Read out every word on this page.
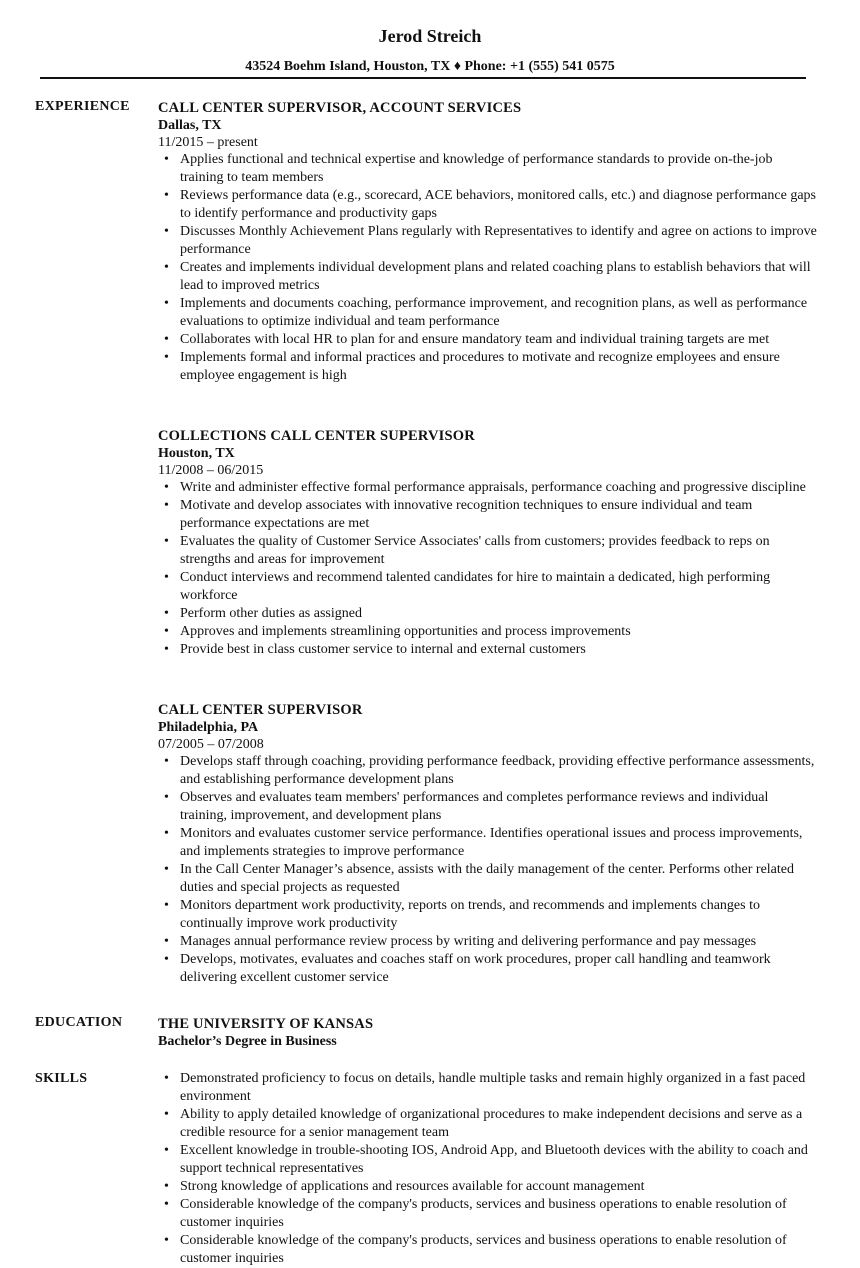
Jerod Streich
43524 Boehm Island, Houston, TX ♦ Phone: +1 (555) 541 0575
EXPERIENCE	CALL CENTER SUPERVISOR, ACCOUNT SERVICES
Dallas, TX
11/2015 – present
• Applies functional and technical expertise and knowledge of performance standards to provide on-the-job training to team members
• Reviews performance data (e.g., scorecard, ACE behaviors, monitored calls, etc.) and diagnose performance gaps to identify performance and productivity gaps
• Discusses Monthly Achievement Plans regularly with Representatives to identify and agree on actions to improve performance
• Creates and implements individual development plans and related coaching plans to establish behaviors that will lead to improved metrics
• Implements and documents coaching, performance improvement, and recognition plans, as well as performance evaluations to optimize individual and team performance
• Collaborates with local HR to plan for and ensure mandatory team and individual training targets are met
• Implements formal and informal practices and procedures to motivate and recognize employees and ensure employee engagement is high
COLLECTIONS CALL CENTER SUPERVISOR
Houston, TX
11/2008 – 06/2015
• Write and administer effective formal performance appraisals, performance coaching and progressive discipline
• Motivate and develop associates with innovative recognition techniques to ensure individual and team performance expectations are met
• Evaluates the quality of Customer Service Associates' calls from customers; provides feedback to reps on strengths and areas for improvement
• Conduct interviews and recommend talented candidates for hire to maintain a dedicated, high performing workforce
• Perform other duties as assigned
• Approves and implements streamlining opportunities and process improvements
• Provide best in class customer service to internal and external customers
CALL CENTER SUPERVISOR
Philadelphia, PA
07/2005 – 07/2008
• Develops staff through coaching, providing performance feedback, providing effective performance assessments, and establishing performance development plans
• Observes and evaluates team members' performances and completes performance reviews and individual training, improvement, and development plans
• Monitors and evaluates customer service performance. Identifies operational issues and process improvements, and implements strategies to improve performance
• In the Call Center Manager’s absence, assists with the daily management of the center. Performs other related duties and special projects as requested
• Monitors department work productivity, reports on trends, and recommends and implements changes to continually improve work productivity
• Manages annual performance review process by writing and delivering performance and pay messages
• Develops, motivates, evaluates and coaches staff on work procedures, proper call handling and teamwork delivering excellent customer service
EDUCATION	THE UNIVERSITY OF KANSAS
Bachelor’s Degree in Business
SKILLS
•	Demonstrated proficiency to focus on details, handle multiple tasks and remain highly organized in a fast paced environment
• Ability to apply detailed knowledge of organizational procedures to make independent decisions and serve as a credible resource for a senior management team
• Excellent knowledge in trouble-shooting IOS, Android App, and Bluetooth devices with the ability to coach and support technical representatives
• Strong knowledge of applications and resources available for account management
• Considerable knowledge of the company's products, services and business operations to enable resolution of customer inquiries
• Considerable knowledge of the company's products, services and business operations to enable resolution of customer inquiries
